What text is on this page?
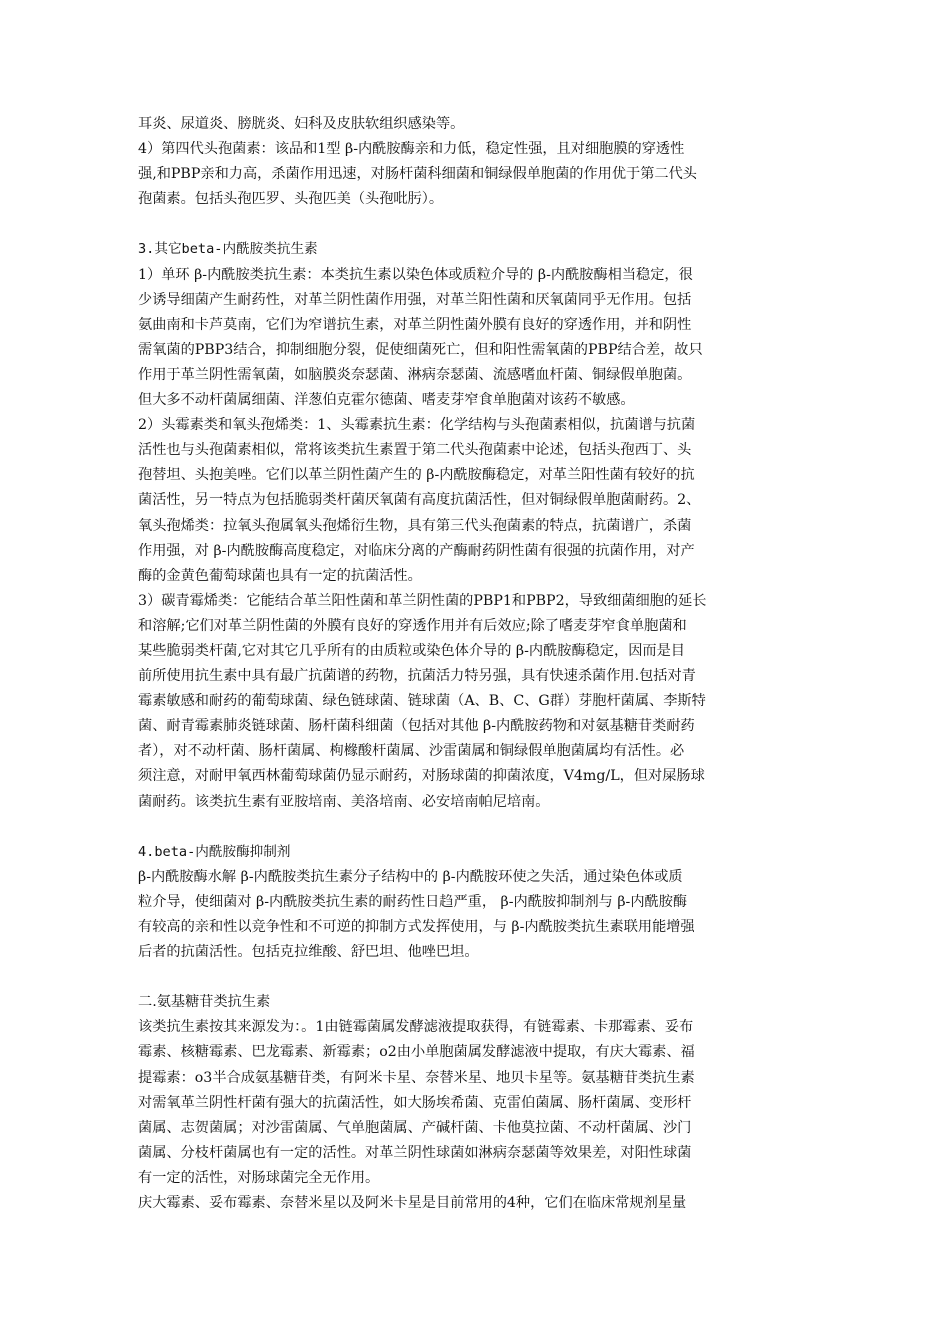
耳炎、尿道炎、膀胱炎、妇科及皮肤软组织感染等。
4）第四代头孢菌素：该品和1型 β-内酰胺酶亲和力低，稳定性强，且对细胞膜的穿透性
强,和PBP亲和力高，杀菌作用迅速，对肠杆菌科细菌和铜绿假单胞菌的作用优于第二代头
孢菌素。包括头孢匹罗、头孢匹美（头孢吡肟）。
3.其它beta-内酰胺类抗生素
1）单环 β-内酰胺类抗生素：本类抗生素以染色体或质粒介导的 β-内酰胺酶相当稳定，很
少诱导细菌产生耐药性，对革兰阴性菌作用强，对革兰阳性菌和厌氧菌同乎无作用。包括
氨曲南和卡芦莫南，它们为窄谱抗生素，对革兰阴性菌外膜有良好的穿透作用，并和阴性
需氧菌的PBP3结合，抑制细胞分裂，促使细菌死亡，但和阳性需氧菌的PBP结合差，故只
作用于革兰阴性需氧菌，如脑膜炎奈瑟菌、淋病奈瑟菌、流感嗜血杆菌、铜绿假单胞菌。
但大多不动杆菌属细菌、洋葱伯克霍尔德菌、嗜麦芽窄食单胞菌对该药不敏感。
2）头霉素类和氧头孢烯类：1、头霉素抗生素：化学结构与头孢菌素相似，抗菌谱与抗菌
活性也与头孢菌素相似，常将该类抗生素置于第二代头孢菌素中论述，包括头孢西丁、头
孢替坦、头抱美唑。它们以革兰阴性菌产生的 β-内酰胺酶稳定，对革兰阳性菌有较好的抗
菌活性，另一特点为包括脆弱类杆菌厌氧菌有高度抗菌活性，但对铜绿假单胞菌耐药。2、
氧头孢烯类：拉氧头孢属氧头孢烯衍生物，具有第三代头孢菌素的特点，抗菌谱广，杀菌
作用强，对 β-内酰胺酶高度稳定，对临床分离的产酶耐药阴性菌有很强的抗菌作用，对产
酶的金黄色葡萄球菌也具有一定的抗菌活性。
3）碳青霉烯类：它能结合革兰阳性菌和革兰阴性菌的PBP1和PBP2，导致细菌细胞的延长
和溶解;它们对革兰阴性菌的外膜有良好的穿透作用并有后效应;除了嗜麦芽窄食单胞菌和
某些脆弱类杆菌,它对其它几乎所有的由质粒或染色体介导的 β-内酰胺酶稳定，因而是目
前所使用抗生素中具有最广抗菌谱的药物，抗菌活力特另强，具有快速杀菌作用.包括对青
霉素敏感和耐药的葡萄球菌、绿色链球菌、链球菌（A、B、C、G群）芽胞杆菌属、李斯特
菌、耐青霉素肺炎链球菌、肠杆菌科细菌（包括对其他 β-内酰胺药物和对氨基糖苷类耐药
者），对不动杆菌、肠杆菌属、枸橼酸杆菌属、沙雷菌属和铜绿假单胞菌属均有活性。必
须注意，对耐甲氧西林葡萄球菌仍显示耐药，对肠球菌的抑菌浓度，V4mg/L，但对屎肠球
菌耐药。该类抗生素有亚胺培南、美洛培南、必安培南帕尼培南。
4.beta-内酰胺酶抑制剂
β-内酰胺酶水解 β-内酰胺类抗生素分子结构中的 β-内酰胺环使之失活，通过染色体或质
粒介导，使细菌对 β-内酰胺类抗生素的耐药性日趋严重， β-内酰胺抑制剂与 β-内酰胺酶
有较高的亲和性以竞争性和不可逆的抑制方式发挥使用，与 β-内酰胺类抗生素联用能增强
后者的抗菌活性。包括克拉维酸、舒巴坦、他唑巴坦。
二.氨基糖苷类抗生素
该类抗生素按其来源发为：。1由链霉菌属发酵滤液提取获得，有链霉素、卡那霉素、妥布
霉素、核糖霉素、巴龙霉素、新霉素；o2由小单胞菌属发酵滤液中提取，有庆大霉素、福
提霉素：o3半合成氨基糖苷类，有阿米卡星、奈替米星、地贝卡星等。氨基糖苷类抗生素
对需氧革兰阴性杆菌有强大的抗菌活性，如大肠埃希菌、克雷伯菌属、肠杆菌属、变形杆
菌属、志贺菌属；对沙雷菌属、气单胞菌属、产碱杆菌、卡他莫拉菌、不动杆菌属、沙门
菌属、分枝杆菌属也有一定的活性。对革兰阴性球菌如淋病奈瑟菌等效果差，对阳性球菌
有一定的活性，对肠球菌完全无作用。
庆大霉素、妥布霉素、奈替米星以及阿米卡星是目前常用的4种，它们在临床常规剂星量
